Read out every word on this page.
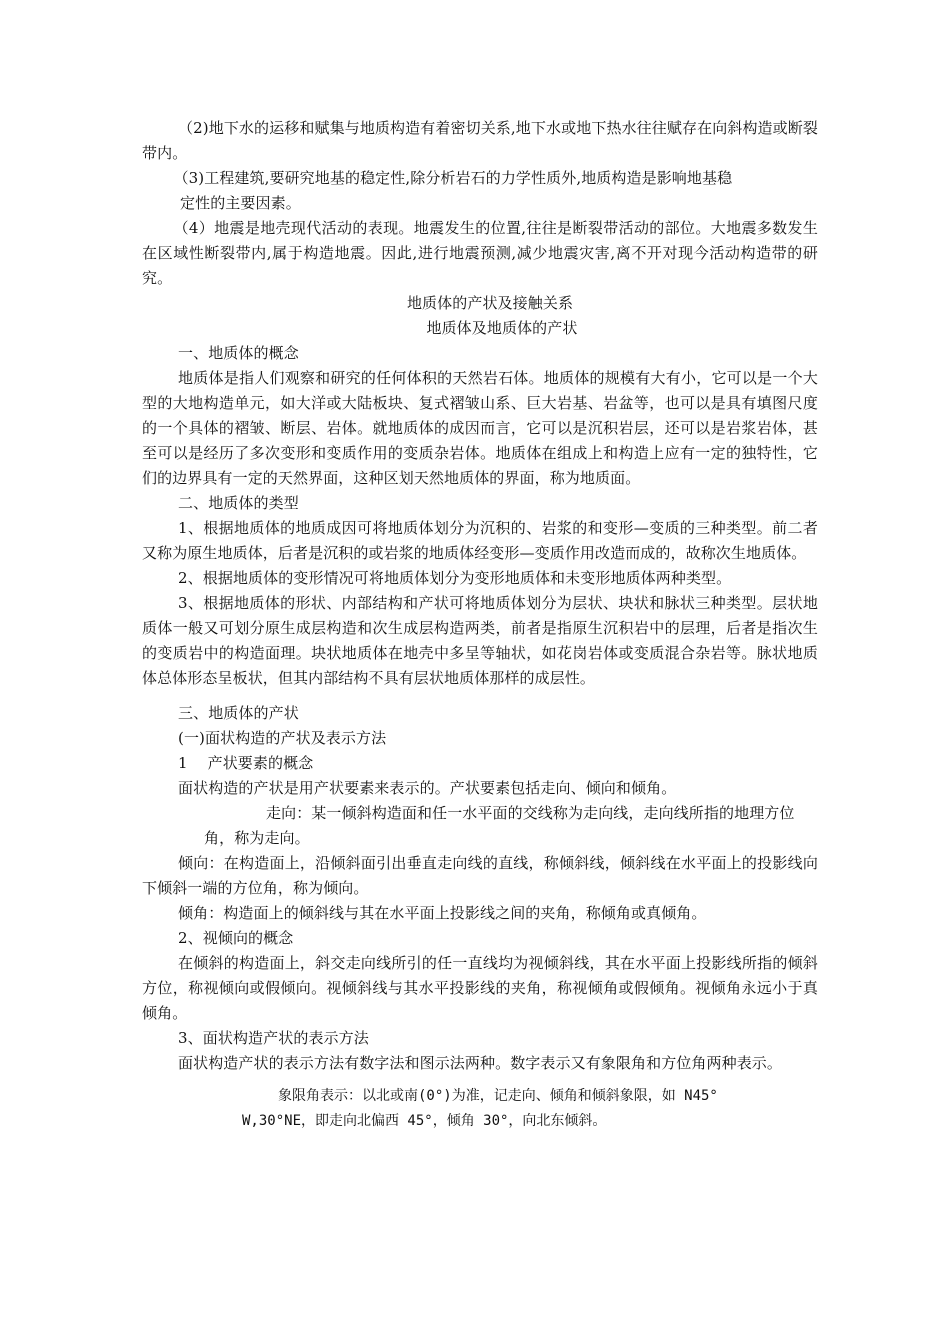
（2)地下水的运移和赋集与地质构造有着密切关系,地下水或地下热水往往赋存在向斜构造或断裂带内。

（3)工程建筑,要研究地基的稳定性,除分析岩石的力学性质外,地质构造是影响地基稳

定性的主要因素。

（4）地震是地壳现代活动的表现。地震发生的位置,往往是断裂带活动的部位。大地震多数发生在区域性断裂带内,属于构造地震。因此,进行地震预测,减少地震灾害,离不开对现今活动构造带的研究。

地质体的产状及接触关系

地质体及地质体的产状

一、地质体的概念

地质体是指人们观察和研究的任何体积的天然岩石体。地质体的规模有大有小，它可以是一个大型的大地构造单元，如大洋或大陆板块、复式褶皱山系、巨大岩基、岩盆等，也可以是具有填图尺度的一个具体的褶皱、断层、岩体。就地质体的成因而言，它可以是沉积岩层，还可以是岩浆岩体，甚至可以是经历了多次变形和变质作用的变质杂岩体。地质体在组成上和构造上应有一定的独特性，它们的边界具有一定的天然界面，这种区划天然地质体的界面，称为地质面。

二、地质体的类型

1、根据地质体的地质成因可将地质体划分为沉积的、岩浆的和变形—变质的三种类型。前二者又称为原生地质体，后者是沉积的或岩浆的地质体经变形—变质作用改造而成的，故称次生地质体。

2、根据地质体的变形情况可将地质体划分为变形地质体和未变形地质体两种类型。

3、根据地质体的形状、内部结构和产状可将地质体划分为层状、块状和脉状三种类型。层状地质体一般又可划分原生成层构造和次生成层构造两类，前者是指原生沉积岩中的层理，后者是指次生的变质岩中的构造面理。块状地质体在地壳中多呈等轴状，如花岗岩体或变质混合杂岩等。脉状地质体总体形态呈板状，但其内部结构不具有层状地质体那样的成层性。

三、地质体的产状

(一)面状构造的产状及表示方法

1　 产状要素的概念

面状构造的产状是用产状要素来表示的。产状要素包括走向、倾向和倾角。

走向：某一倾斜构造面和任一水平面的交线称为走向线，走向线所指的地理方位

角，称为走向。

倾向：在构造面上，沿倾斜面引出垂直走向线的直线，称倾斜线，倾斜线在水平面上的投影线向下倾斜一端的方位角，称为倾向。

倾角：构造面上的倾斜线与其在水平面上投影线之间的夹角，称倾角或真倾角。

2、视倾向的概念

在倾斜的构造面上，斜交走向线所引的任一直线均为视倾斜线，其在水平面上投影线所指的倾斜方位，称视倾向或假倾向。视倾斜线与其水平投影线的夹角，称视倾角或假倾角。视倾角永远小于真倾角。

3、面状构造产状的表示方法

面状构造产状的表示方法有数字法和图示法两种。数字表示又有象限角和方位角两种表示。

象限角表示：以北或南(0°)为准，记走向、倾角和倾斜象限，如 N45°

W,30°NE，即走向北偏西 45°，倾角 30°，向北东倾斜。
